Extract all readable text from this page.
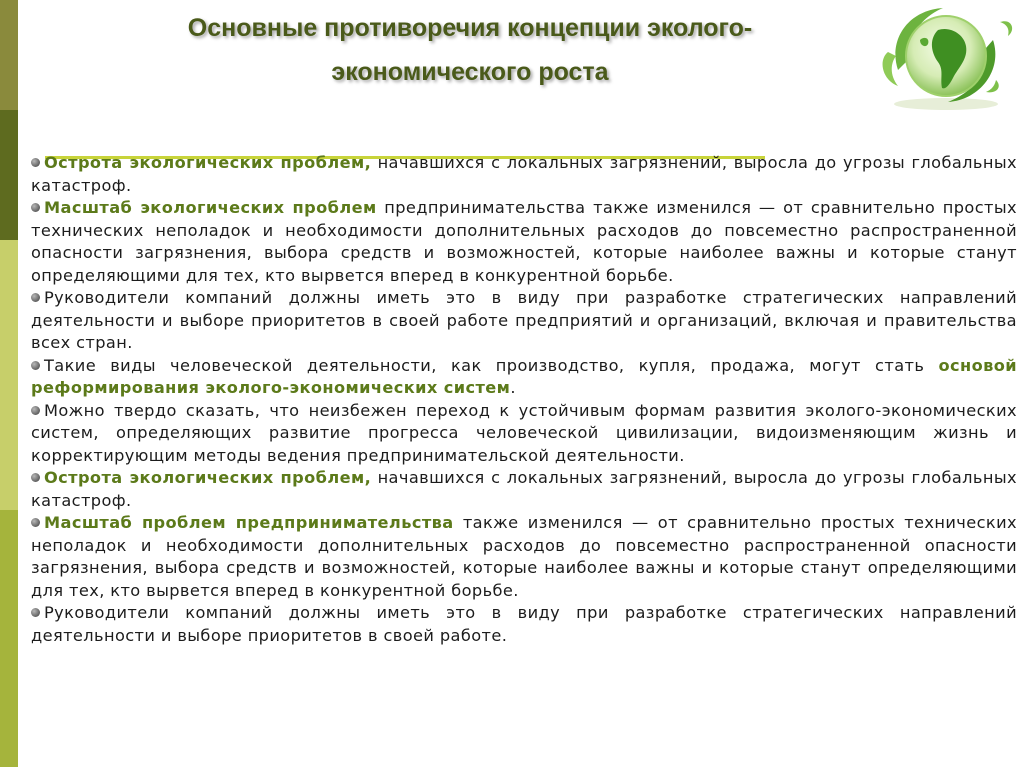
Основные противоречия концепции эколого-
экономического роста

Острота экологических проблем, начавшихся с локальных загрязнений, выросла до угрозы глобальных катастроф.

Масштаб экологических проблем предпринимательства также изменился — от сравнительно простых технических неполадок и необходимости дополнительных расходов до повсеместно распространенной опасности загрязнения, выбора средств и возможностей, которые наиболее важны и которые станут определяющими для тех, кто вырвется вперед в конкурентной борьбе.

Руководители компаний должны иметь это в виду при разработке стратегических направлений деятельности и выборе приоритетов в своей работе предприятий и организаций, включая и правительства всех стран.

Такие виды человеческой деятельности, как производство, купля, продажа, могут стать основой реформирования эколого-экономических систем.

Можно твердо сказать, что неизбежен переход к устойчивым формам развития эколого-экономических систем, определяющих развитие прогресса человеческой цивилизации, видоизменяющим жизнь и корректирующим методы ведения предпринимательской деятельности.

Острота экологических проблем, начавшихся с локальных загрязнений, выросла до угрозы глобальных катастроф.

Масштаб проблем предпринимательства также изменился — от сравнительно простых технических неполадок и необходимости дополнительных расходов до повсеместно распространенной опасности загрязнения, выбора средств и возможностей, которые наиболее важны и которые станут определяющими для тех, кто вырвется вперед в конкурентной борьбе.

Руководители компаний должны иметь это в виду при разработке стратегических направлений деятельности и выборе приоритетов в своей работе.
